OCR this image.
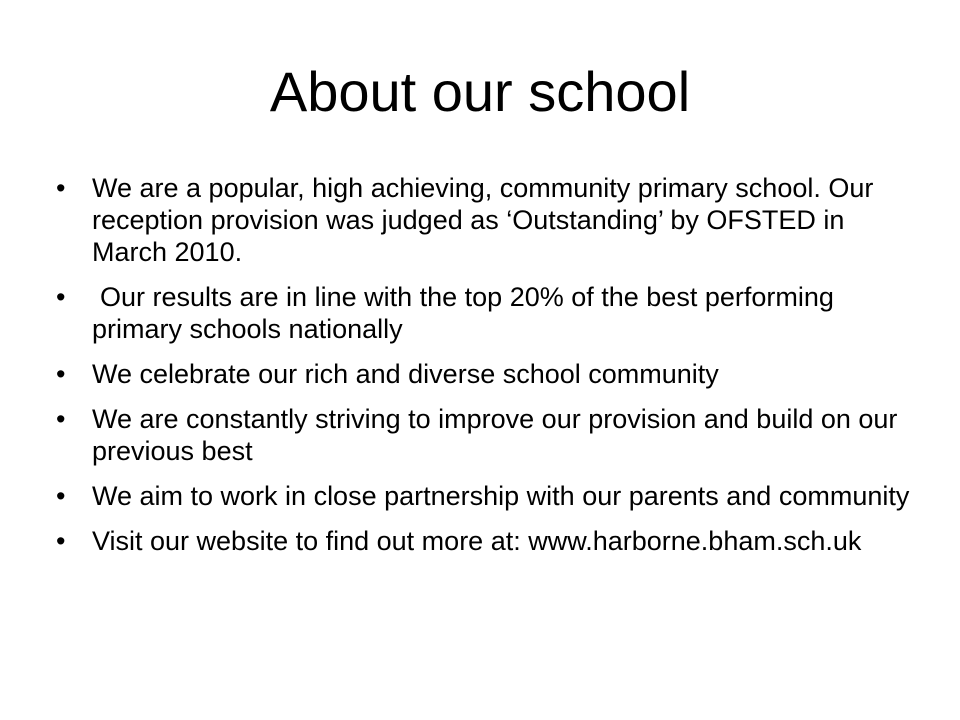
About our school
• We are a popular, high achieving, community primary school. Our reception provision was judged as ‘Outstanding’ by OFSTED in March 2010.
•	Our results are in line with the top 20% of the best performing primary schools nationally
• We celebrate our rich and diverse school community
• We are constantly striving to improve our provision and build on our previous best
• We aim to work in close partnership with our parents and community
• Visit our website to find out more at: www.harborne.bham.sch.uk
